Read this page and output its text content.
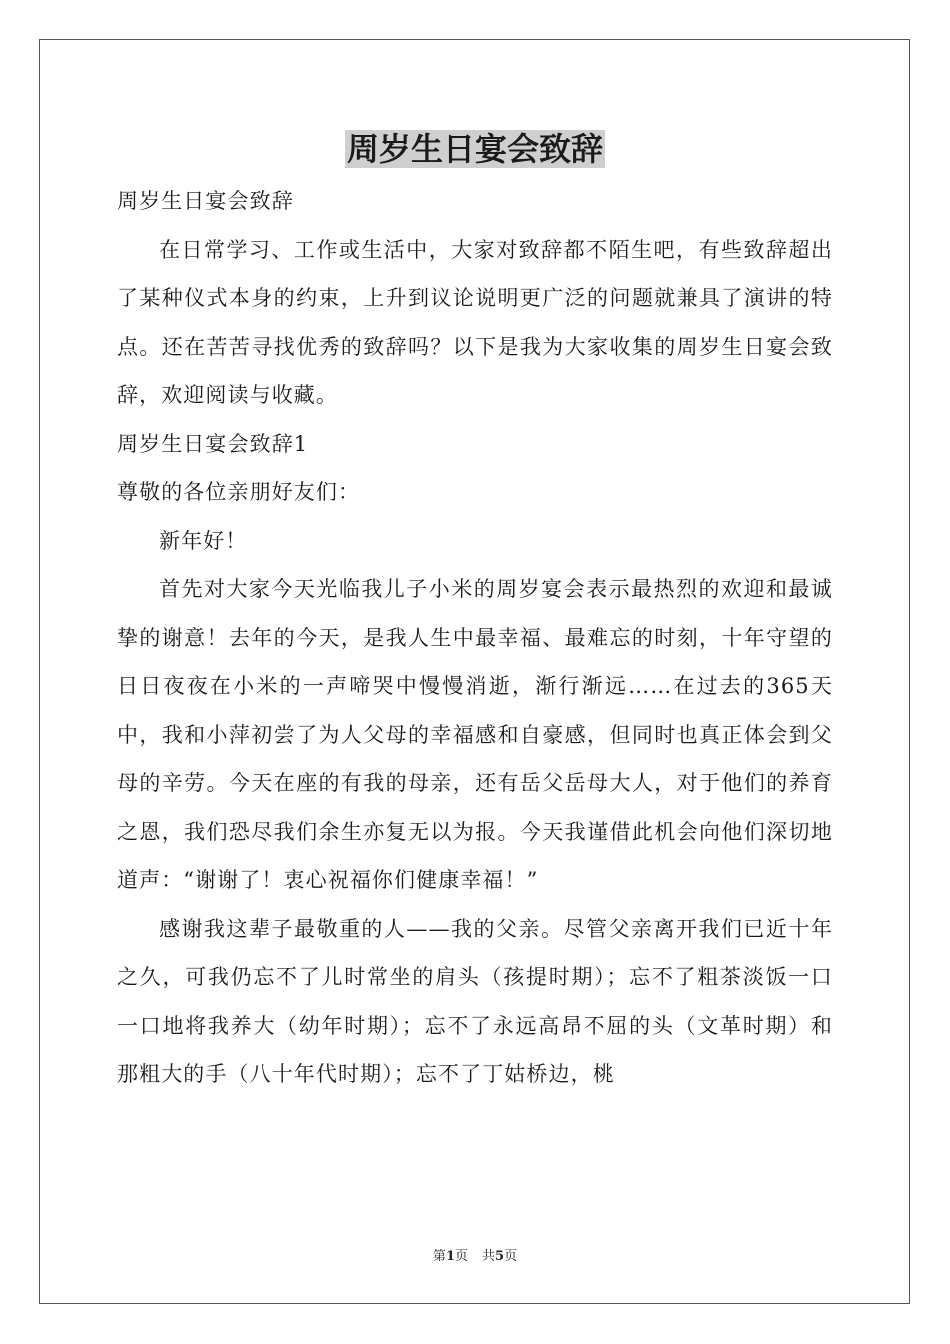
周岁生日宴会致辞

周岁生日宴会致辞

在日常学习、工作或生活中，大家对致辞都不陌生吧，有些致辞超出了某种仪式本身的约束，上升到议论说明更广泛的问题就兼具了演讲的特点。还在苦苦寻找优秀的致辞吗？以下是我为大家收集的周岁生日宴会致辞，欢迎阅读与收藏。

周岁生日宴会致辞1

尊敬的各位亲朋好友们：

新年好！

首先对大家今天光临我儿子小米的周岁宴会表示最热烈的欢迎和最诚挚的谢意！去年的今天，是我人生中最幸福、最难忘的时刻，十年守望的日日夜夜在小米的一声啼哭中慢慢消逝，渐行渐远……在过去的365天中，我和小萍初尝了为人父母的幸福感和自豪感，但同时也真正体会到父母的辛劳。今天在座的有我的母亲，还有岳父岳母大人，对于他们的养育之恩，我们恐尽我们余生亦复无以为报。今天我谨借此机会向他们深切地道声：“谢谢了！衷心祝福你们健康幸福！”

感谢我这辈子最敬重的人——我的父亲。尽管父亲离开我们已近十年之久，可我仍忘不了儿时常坐的肩头（孩提时期）；忘不了粗茶淡饭一口一口地将我养大（幼年时期）；忘不了永远高昂不屈的头（文革时期）和那粗大的手（八十年代时期）；忘不了丁姑桥边，桃

第1页 共5页
